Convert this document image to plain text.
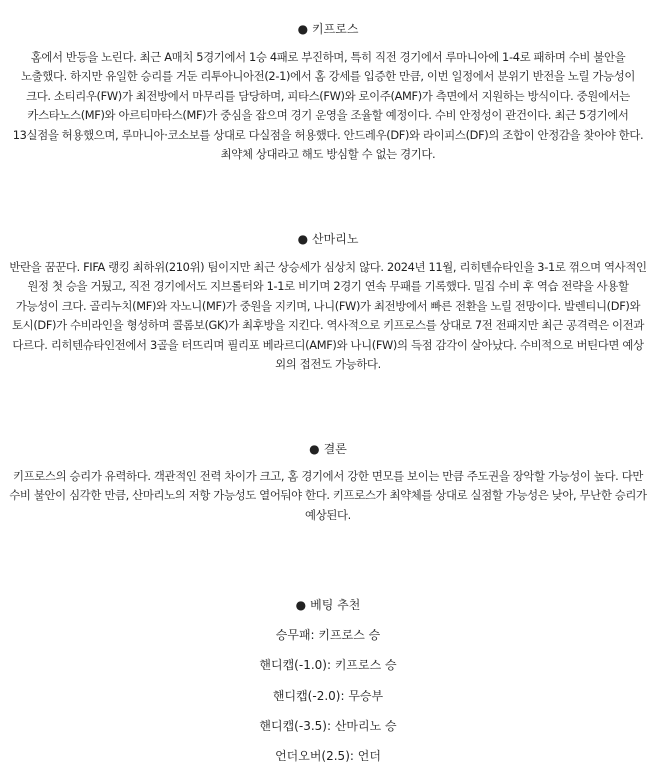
● 키프로스
홈에서 반등을 노린다. 최근 A매치 5경기에서 1승 4패로 부진하며, 특히 직전 경기에서 루마니아에 1-4로 패하며 수비 불안을 노출했다. 하지만 유일한 승리를 거둔 리투아니아전(2-1)에서 홈 강세를 입증한 만큼, 이번 일정에서 분위기 반전을 노릴 가능성이 크다. 소티리우(FW)가 최전방에서 마무리를 담당하며, 피타스(FW)와 로이주(AMF)가 측면에서 지원하는 방식이다. 중원에서는 카스타노스(MF)와 아르티마타스(MF)가 중심을 잡으며 경기 운영을 조율할 예정이다. 수비 안정성이 관건이다. 최근 5경기에서 13실점을 허용했으며, 루마니아·코소보를 상대로 다실점을 허용했다. 안드레우(DF)와 라이피스(DF)의 조합이 안정감을 찾아야 한다. 최약체 상대라고 해도 방심할 수 없는 경기다.
● 산마리노
반란을 꿈꾼다. FIFA 랭킹 최하위(210위) 팀이지만 최근 상승세가 심상치 않다. 2024년 11월, 리히텐슈타인을 3-1로 꺾으며 역사적인 원정 첫 승을 거뒀고, 직전 경기에서도 지브롤터와 1-1로 비기며 2경기 연속 무패를 기록했다. 밀집 수비 후 역습 전략을 사용할 가능성이 크다. 골리누치(MF)와 자노니(MF)가 중원을 지키며, 나니(FW)가 최전방에서 빠른 전환을 노릴 전망이다. 발렌티니(DF)와 토시(DF)가 수비라인을 형성하며 콜롬보(GK)가 최후방을 지킨다. 역사적으로 키프로스를 상대로 7전 전패지만 최근 공격력은 이전과 다르다. 리히텐슈타인전에서 3골을 터뜨리며 필리포 베라르디(AMF)와 나니(FW)의 득점 감각이 살아났다. 수비적으로 버틴다면 예상 외의 접전도 가능하다.
● 결론
키프로스의 승리가 유력하다. 객관적인 전력 차이가 크고, 홈 경기에서 강한 면모를 보이는 만큼 주도권을 장악할 가능성이 높다. 다만 수비 불안이 심각한 만큼, 산마리노의 저항 가능성도 열어둬야 한다. 키프로스가 최약체를 상대로 실점할 가능성은 낮아, 무난한 승리가 예상된다.
● 베팅 추천
승무패: 키프로스 승
핸디캡(-1.0): 키프로스 승
핸디캡(-2.0): 무승부
핸디캡(-3.5): 산마리노 승
언더오버(2.5): 언더
